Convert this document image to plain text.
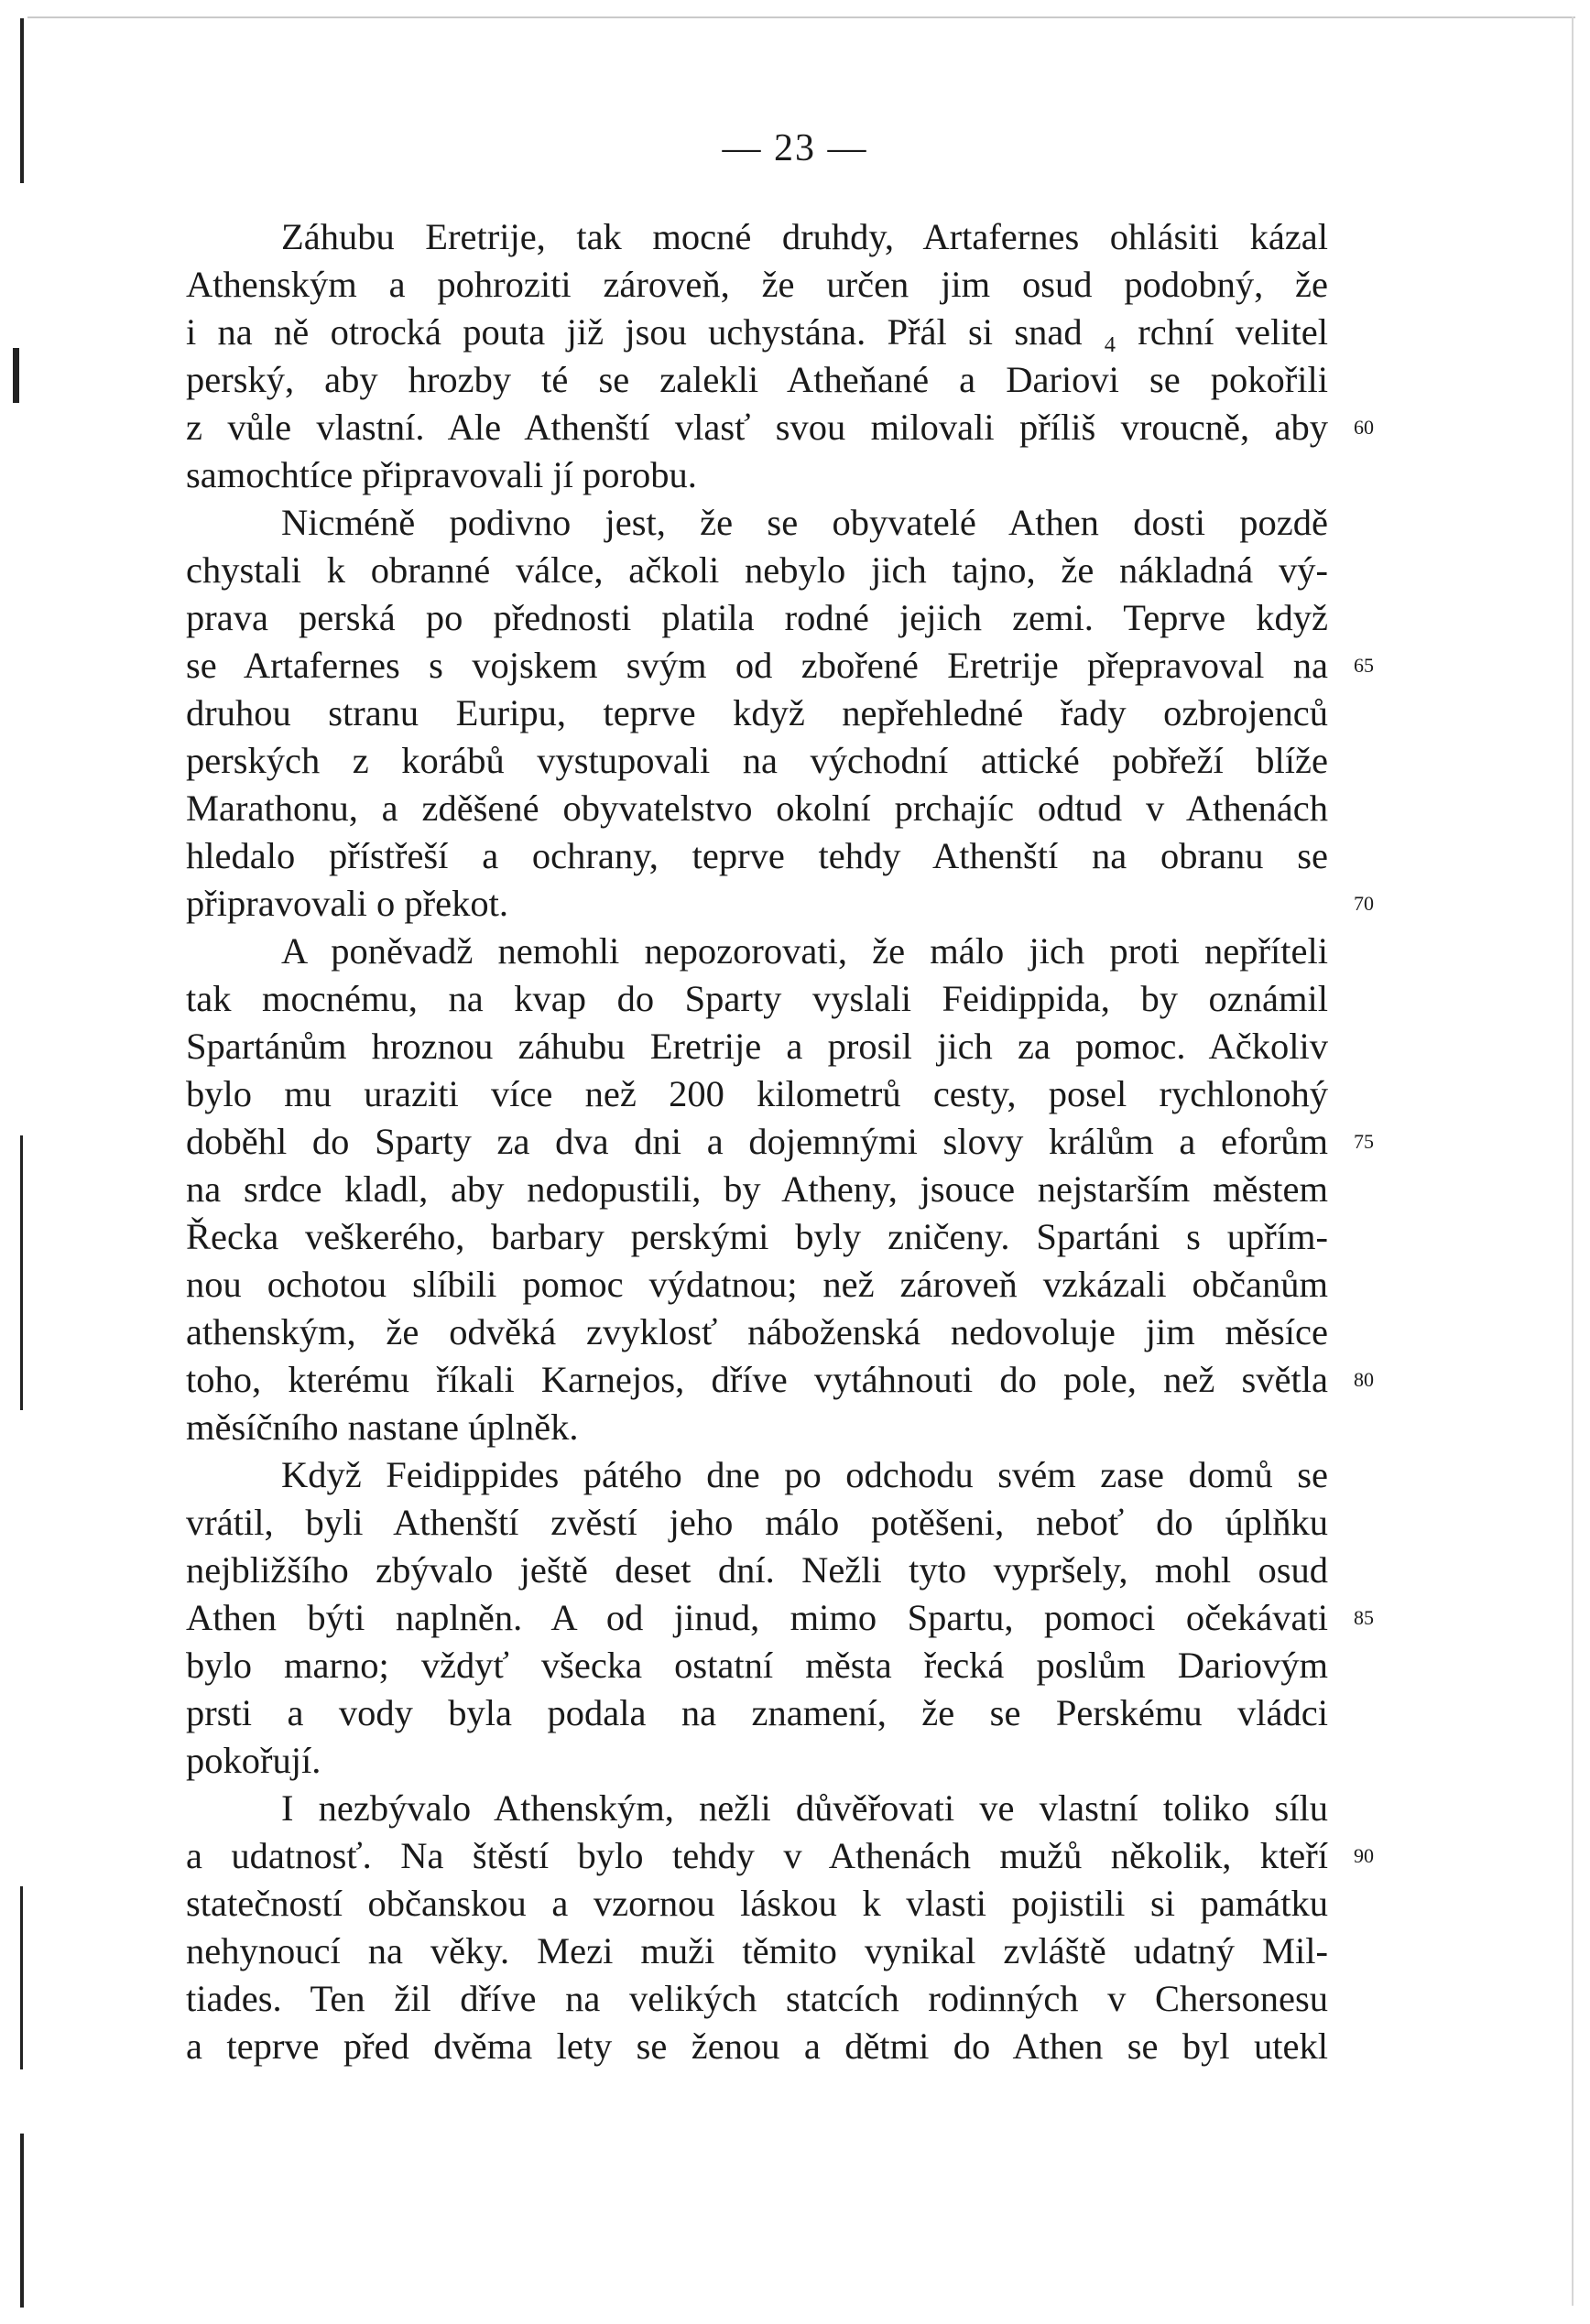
— 23 —
Záhubu Eretrije, tak mocné druhdy, Artafernes ohlásiti kázal
Athenským a pohroziti zároveň, že určen jim osud podobný, že
i na ně otrocká pouta již jsou uchystána. Přál si snad ₄ rchní velitel
perský, aby hrozby té se zalekli Atheňané a Dariovi se pokořili
z vůle vlastní. Ale Athenští vlasť svou milovali příliš vroucně, aby
samochtíce připravovali jí porobu.
Nicméně podivno jest, že se obyvatelé Athen dosti pozdě
chystali k obranné válce, ačkoli nebylo jich tajno, že nákladná vý-
prava perská po přednosti platila rodné jejich zemi. Teprve když
se Artafernes s vojskem svým od zbořené Eretrije přepravoval na
druhou stranu Euripu, teprve když nepřehledné řady ozbrojenců
perských z korábů vystupovali na východní attické pobřeží blíže
Marathonu, a zděšené obyvatelstvo okolní prchajíc odtud v Athenách
hledalo přístřeší a ochrany, teprve tehdy Athenští na obranu se
připravovali o překot.
A poněvadž nemohli nepozorovati, že málo jich proti nepříteli
tak mocnému, na kvap do Sparty vyslali Feidippida, by oznámil
Spartánům hroznou záhubu Eretrije a prosil jich za pomoc. Ačkoliv
bylo mu uraziti více než 200 kilometrů cesty, posel rychlonohý
doběhl do Sparty za dva dni a dojemnými slovy králům a eforům
na srdce kladl, aby nedopustili, by Atheny, jsouce nejstarším městem
Řecka veškerého, barbary perskými byly zničeny. Spartáni s upřím-
nou ochotou slíbili pomoc výdatnou; než zároveň vzkázali občanům
athenským, že odvěká zvyklosť náboženská nedovoluje jim měsíce
toho, kterému říkali Karnejos, dříve vytáhnouti do pole, než světla
měsíčního nastane úplněk.
Když Feidippides pátého dne po odchodu svém zase domů se
vrátil, byli Athenští zvěstí jeho málo potěšeni, neboť do úplňku
nejbližšího zbývalo ještě deset dní. Nežli tyto vypršely, mohl osud
Athen býti naplněn. A od jinud, mimo Spartu, pomoci očekávati
bylo marno; vždyť všecka ostatní města řecká poslům Dariovým
prsti a vody byla podala na znamení, že se Perskému vládci
pokořují.
I nezbývalo Athenským, nežli důvěřovati ve vlastní toliko sílu
a udatnosť. Na štěstí bylo tehdy v Athenách mužů několik, kteří
statečností občanskou a vzornou láskou k vlasti pojistili si památku
nehynoucí na věky. Mezi muži těmito vynikal zvláště udatný Mil-
tiades. Ten žil dříve na velikých statcích rodinných v Chersonesu
a teprve před dvěma lety se ženou a dětmi do Athen se byl utekl
60
65
70
75
80
85
90
